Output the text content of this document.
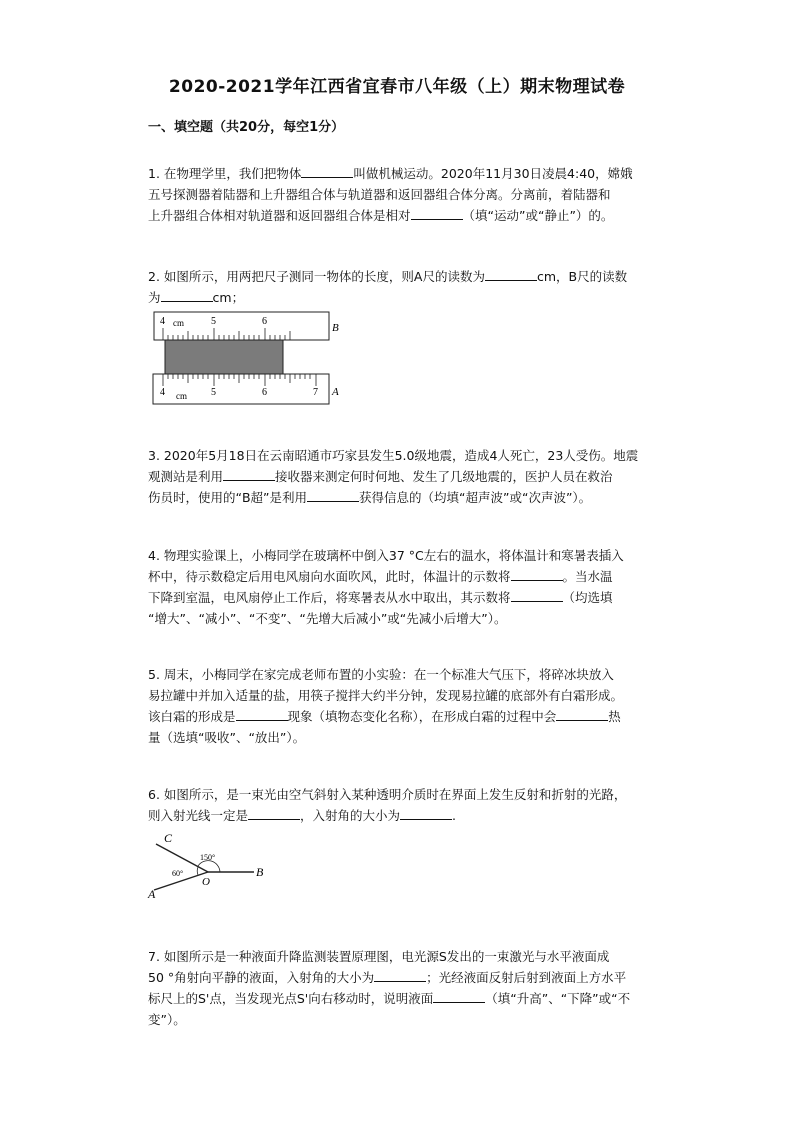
2020-2021学年江西省宜春市八年级（上）期末物理试卷
一、填空题（共20分，每空1分）

1. 在物理学里，我们把物体	叫做机械运动。2020年11月30日凌晨4:40，嫦娥

五号探测器着陆器和上升器组合体与轨道器和返回器组合体分离。分离前，着陆器和

上升器组合体相对轨道器和返回器组合体是相对	（填“运动”或“静止”）的。

2. 如图所示，用两把尺子测同一物体的长度，则A尺的读数为	cm，B尺的读数

为	cm；

4 cm	5	6
B
4 cm 5	6	7 A

3. 2020年5月18日在云南昭通市巧家县发生5.0级地震，造成4人死亡，23人受伤。地震

观测站是利用	接收器来测定何时何地、发生了几级地震的，医护人员在救治

伤员时，使用的“B超”是利用	获得信息的（均填“超声波”或“次声波”）。

4. 物理实验课上，小梅同学在玻璃杯中倒入37 °C左右的温水，将体温计和寒暑表插入

杯中，待示数稳定后用电风扇向水面吹风，此时，体温计的示数将	。当水温

下降到室温，电风扇停止工作后，将寒暑表从水中取出，其示数将	（均选填

“增大”、“减小”、“不变”、“先增大后减小”或“先减小后增大”）。

5. 周末，小梅同学在家完成老师布置的小实验：在一个标准大气压下，将碎冰块放入

易拉罐中并加入适量的盐，用筷子搅拌大约半分钟，发现易拉罐的底部外有白霜形成。

该白霜的形成是	现象（填物态变化名称），在形成白霜的过程中会	热

量（选填“吸收”、“放出”）。

6. 如图所示，是一束光由空气斜射入某种透明介质时在界面上发生反射和折射的光路，

则入射光线一定是	，入射角的大小为	.

C
A
B
O
150°
60°

7. 如图所示是一种液面升降监测装置原理图，电光源S发出的一束激光与水平液面成

50 °角射向平静的液面，入射角的大小为	；光经液面反射后射到液面上方水平

标尺上的S'点，当发现光点S'向右移动时，说明液面	（填“升高”、“下降”或“不

变”）。
